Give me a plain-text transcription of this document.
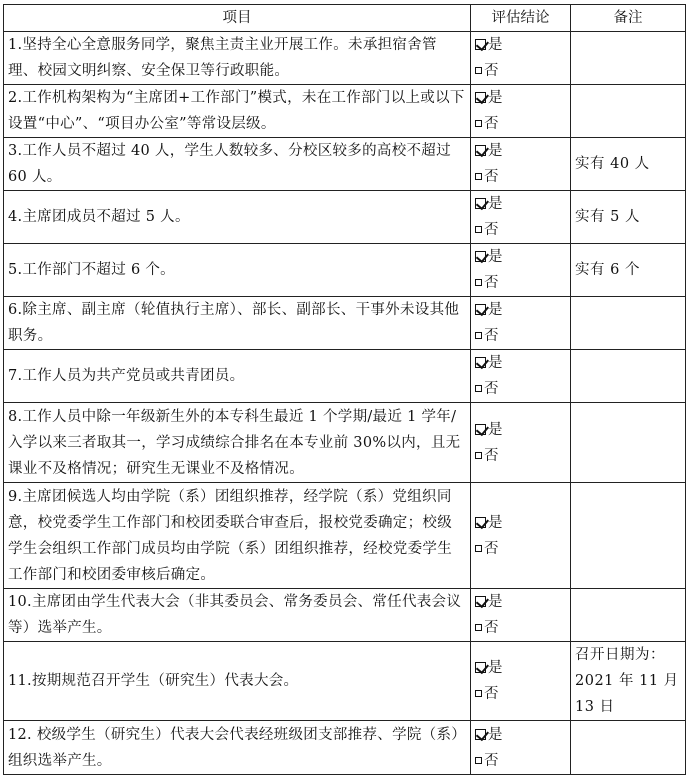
项目	评估结论	备注
1.坚持全心全意服务同学，聚焦主责主业开展工作。未承担宿舍管理、校园文明纠察、安全保卫等行政职能。	是
否	

2.工作机构架构为“主席团+工作部门”模式，未在工作部门以上或以下设置“中心”、“项目办公室”等常设层级。	是
否	

3.工作人员不超过 40 人，学生人数较多、分校区较多的高校不超过 60 人。	是
否	实有 40 人
4.主席团成员不超过 5 人。	是
否	实有 5 人
5.工作部门不超过 6 个。	是
否	实有 6 个
6.除主席、副主席（轮值执行主席）、部长、副部长、干事外未设其他职务。	是
否	

7.工作人员为共产党员或共青团员。	是
否	

8.工作人员中除一年级新生外的本专科生最近 1 个学期/最近 1 学年/入学以来三者取其一，学习成绩综合排名在本专业前 30%以内，且无课业不及格情况；研究生无课业不及格情况。	是
否	

9.主席团候选人均由学院（系）团组织推荐，经学院（系）党组织同意，校党委学生工作部门和校团委联合审查后，报校党委确定；校级学生会组织工作部门成员均由学院（系）团组织推荐，经校党委学生工作部门和校团委审核后确定。	是
否	

10.主席团由学生代表大会（非其委员会、常务委员会、常任代表会议等）选举产生。	是
否	

11.按期规范召开学生（研究生）代表大会。	是
否	召开日期为：2021 年 11 月 13 日
12. 校级学生（研究生）代表大会代表经班级团支部推荐、学院（系）组织选举产生。	是
否	
